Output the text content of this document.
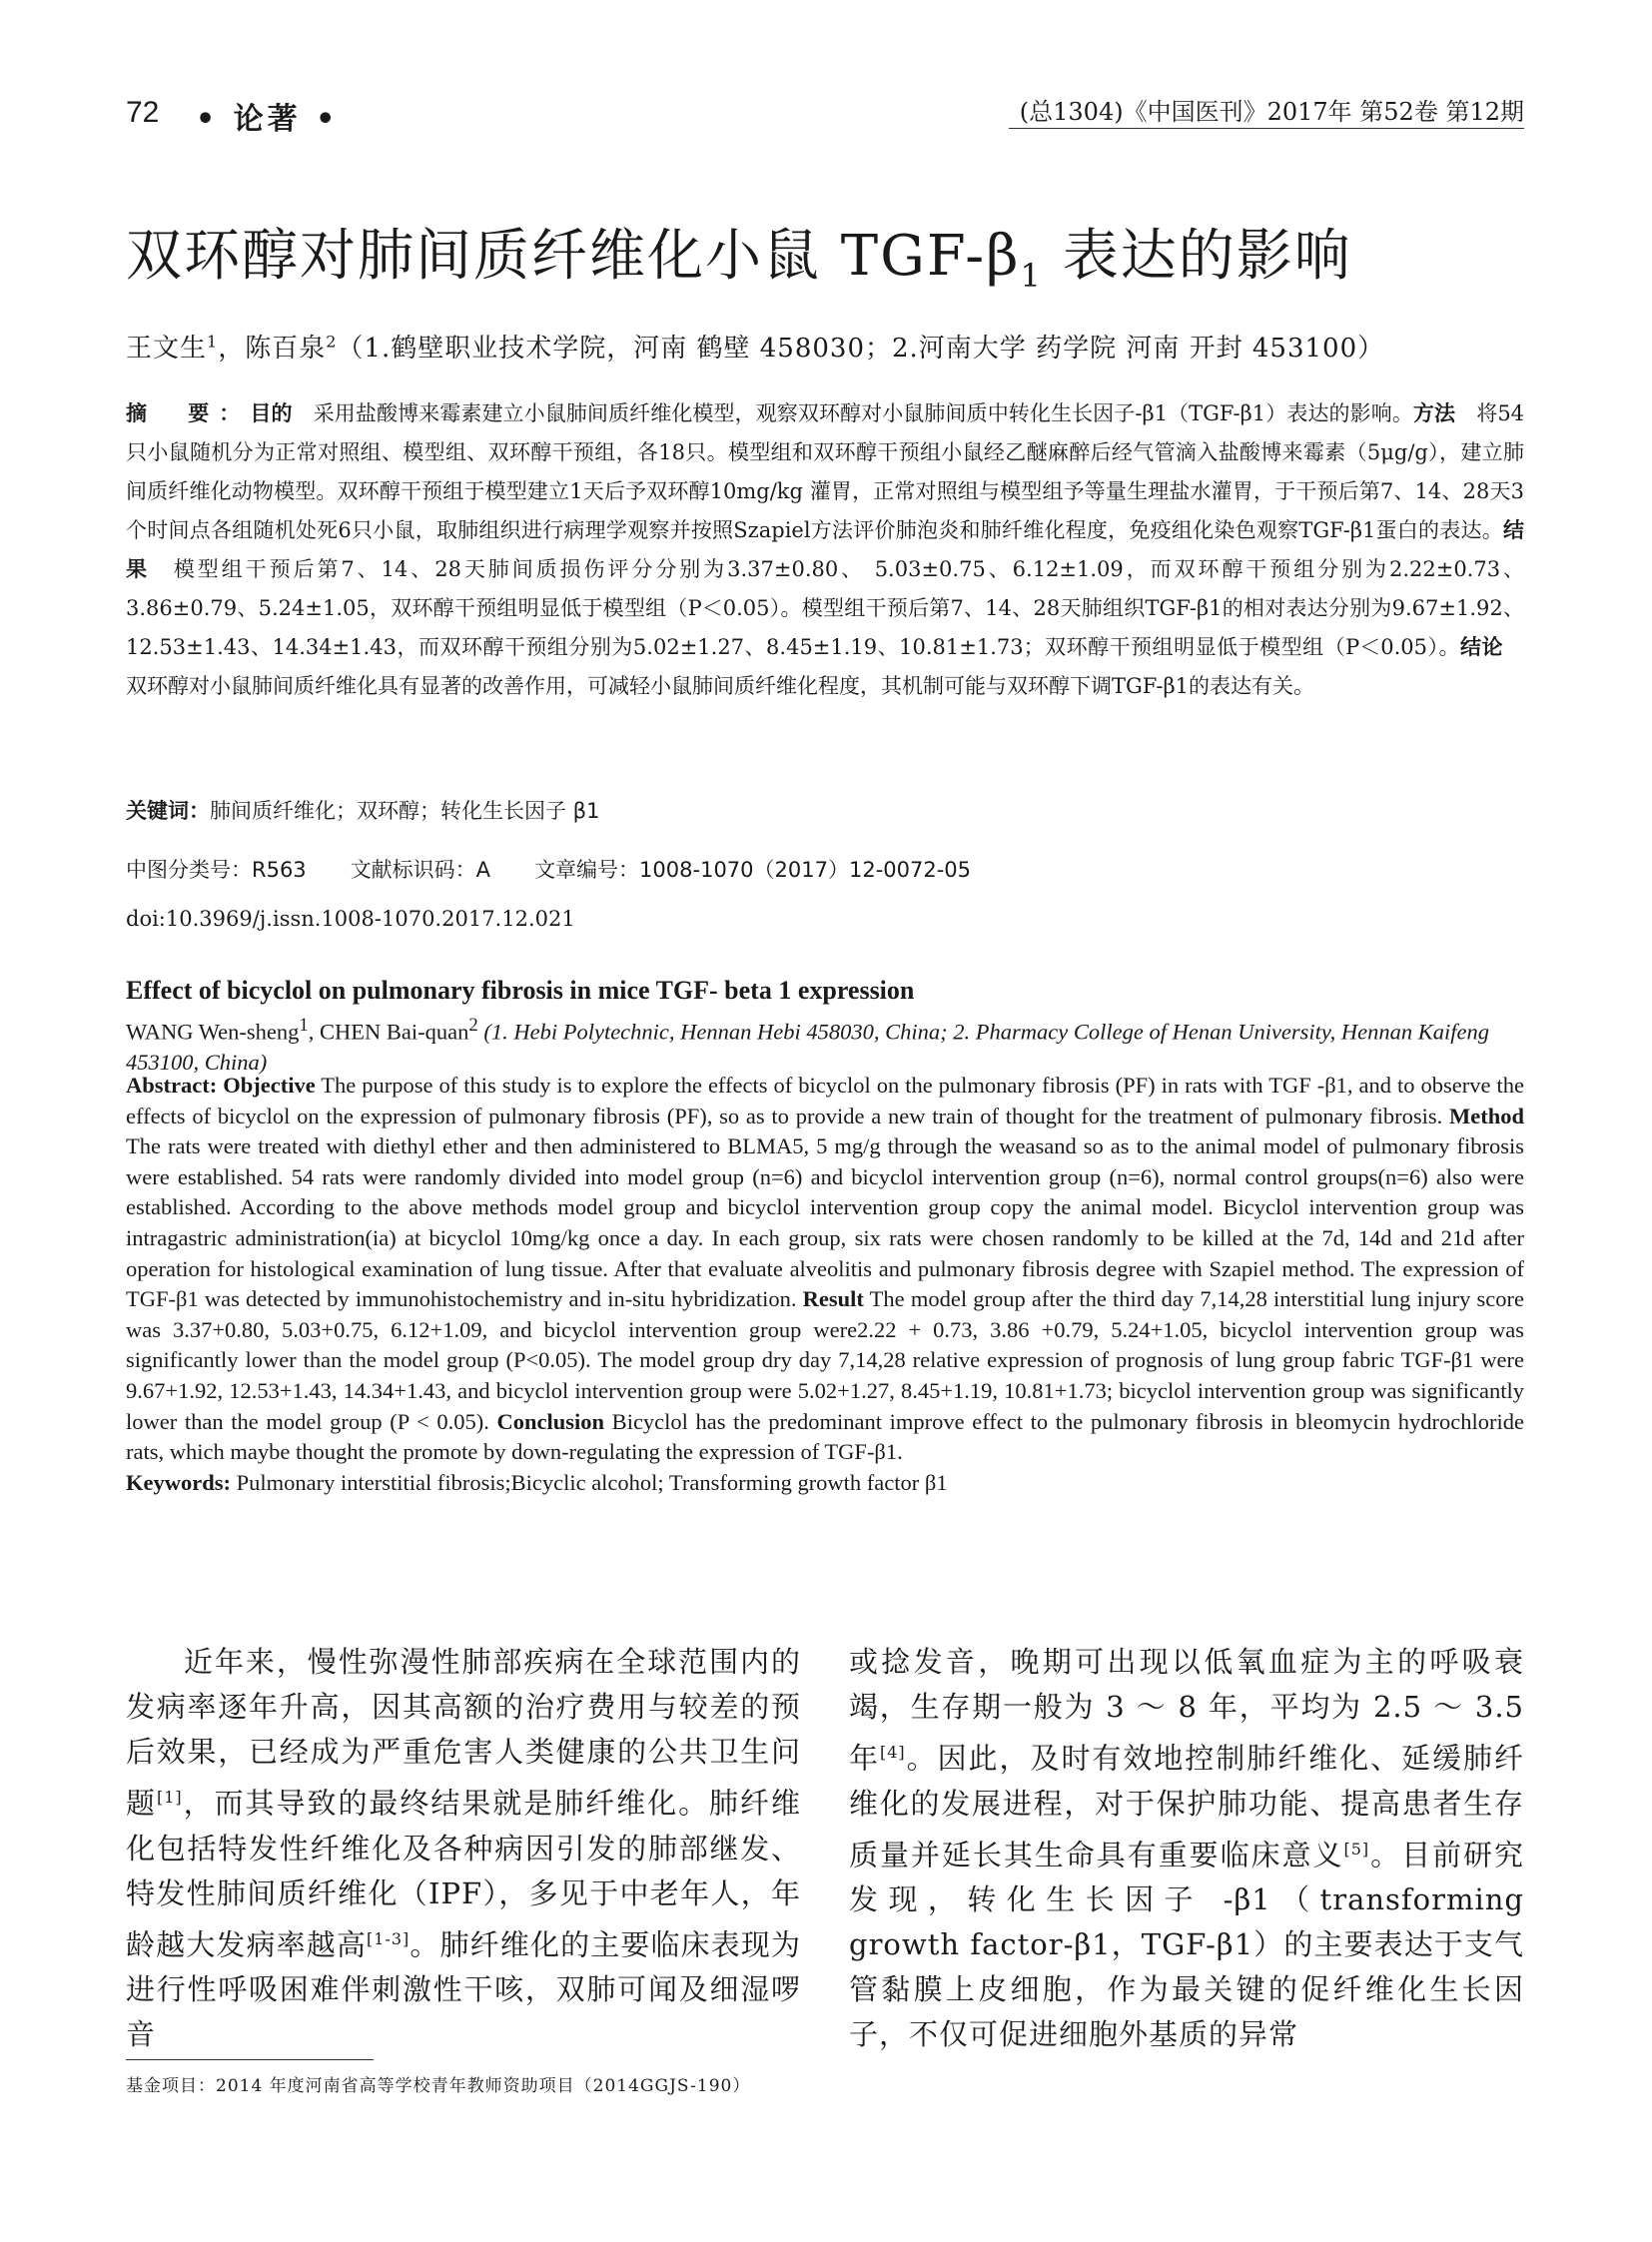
72 • 论著 •	(总1304)《中国医刊》2017年 第52卷 第12期
双环醇对肺间质纤维化小鼠 TGF-$\beta_1$ 表达的影响
王文生$^1$，陈百泉$^2$（1.鹤壁职业技术学院，河南 鹤壁 458030；2.河南大学 药学院 河南 开封 453100）
摘　要：目的　采用盐酸博来霉素建立小鼠肺间质纤维化模型，观察双环醇对小鼠肺间质中转化生长因子-β1（TGF-β1）表达的影响。方法　将54只小鼠随机分为正常对照组、模型组、双环醇干预组，各18只。模型组和双环醇干预组小鼠经乙醚麻醉后经气管滴入盐酸博来霉素（5μg/g），建立肺间质纤维化动物模型。双环醇干预组于模型建立1天后予双环醇10mg/kg 灌胃，正常对照组与模型组予等量生理盐水灌胃，于干预后第7、14、28天3个时间点各组随机处死6只小鼠，取肺组织进行病理学观察并按照Szapiel方法评价肺泡炎和肺纤维化程度，免疫组化染色观察TGF-β1蛋白的表达。结果　模型组干预后第7、14、28天肺间质损伤评分分别为3.37±0.80、 5.03±0.75、6.12±1.09，而双环醇干预组分别为2.22±0.73、3.86±0.79、5.24±1.05，双环醇干预组明显低于模型组（P＜0.05）。模型组干预后第7、14、28天肺组织TGF-β1的相对表达分别为9.67±1.92、12.53±1.43、14.34±1.43，而双环醇干预组分别为5.02±1.27、8.45±1.19、10.81±1.73；双环醇干预组明显低于模型组（P＜0.05）。结论　双环醇对小鼠肺间质纤维化具有显著的改善作用，可减轻小鼠肺间质纤维化程度，其机制可能与双环醇下调TGF-β1的表达有关。
关键词：肺间质纤维化；双环醇；转化生长因子 β1
中图分类号：R563 文献标识码：A 文章编号：1008-1070（2017）12-0072-05
doi:10.3969/j.issn.1008-1070.2017.12.021
Effect of bicyclol on pulmonary fibrosis in mice TGF- beta 1 expression
WANG Wen-sheng$^1$, CHEN Bai-quan$^2$ (1. Hebi Polytechnic, Hennan Hebi 458030, China; 2. Pharmacy College of Henan University, Hennan Kaifeng 453100, China)
Abstract: Objective The purpose of this study is to explore the effects of bicyclol on the pulmonary fibrosis (PF) in rats with TGF -β1, and to observe the effects of bicyclol on the expression of pulmonary fibrosis (PF), so as to provide a new train of thought for the treatment of pulmonary fibrosis. Method The rats were treated with diethyl ether and then administered to BLMA5, 5 mg/g through the weasand so as to the animal model of pulmonary fibrosis were established. 54 rats were randomly divided into model group (n=6) and bicyclol intervention group (n=6), normal control groups(n=6) also were established. According to the above methods model group and bicyclol intervention group copy the animal model. Bicyclol intervention group was intragastric administration(ia) at bicyclol 10mg/kg once a day. In each group, six rats were chosen randomly to be killed at the 7d, 14d and 21d after operation for histological examination of lung tissue. After that evaluate alveolitis and pulmonary fibrosis degree with Szapiel method. The expression of TGF-β1 was detected by immunohistochemistry and in-situ hybridization. Result The model group after the third day 7,14,28 interstitial lung injury score was 3.37+0.80, 5.03+0.75, 6.12+1.09, and bicyclol intervention group were2.22 + 0.73, 3.86 +0.79, 5.24+1.05, bicyclol intervention group was significantly lower than the model group (P<0.05). The model group dry day 7,14,28 relative expression of prognosis of lung group fabric TGF-β1 were 9.67+1.92, 12.53+1.43, 14.34+1.43, and bicyclol intervention group were 5.02+1.27, 8.45+1.19, 10.81+1.73; bicyclol intervention group was significantly lower than the model group (P < 0.05). Conclusion Bicyclol has the predominant improve effect to the pulmonary fibrosis in bleomycin hydrochloride rats, which maybe thought the promote by down-regulating the expression of TGF-β1.
Keywords: Pulmonary interstitial fibrosis;Bicyclic alcohol; Transforming growth factor β1
近年来，慢性弥漫性肺部疾病在全球范围内的发病率逐年升高，因其高额的治疗费用与较差的预后效果，已经成为严重危害人类健康的公共卫生问题[1]，而其导致的最终结果就是肺纤维化。肺纤维化包括特发性纤维化及各种病因引发的肺部继发、特发性肺间质纤维化（IPF），多见于中老年人，年龄越大发病率越高[1-3]。肺纤维化的主要临床表现为进行性呼吸困难伴刺激性干咳，双肺可闻及细湿啰音
或捻发音，晚期可出现以低氧血症为主的呼吸衰竭，生存期一般为 3 ～ 8 年，平均为 2.5 ～ 3.5 年[4]。因此，及时有效地控制肺纤维化、延缓肺纤维化的发展进程，对于保护肺功能、提高患者生存质量并延长其生命具有重要临床意义[5]。目前研究发现，转化生长因子 -β1（transforming growth factor-β1，TGF-β1）的主要表达于支气管黏膜上皮细胞，作为最关键的促纤维化生长因子，不仅可促进细胞外基质的异常
基金项目：2014 年度河南省高等学校青年教师资助项目（2014GGJS-190）
